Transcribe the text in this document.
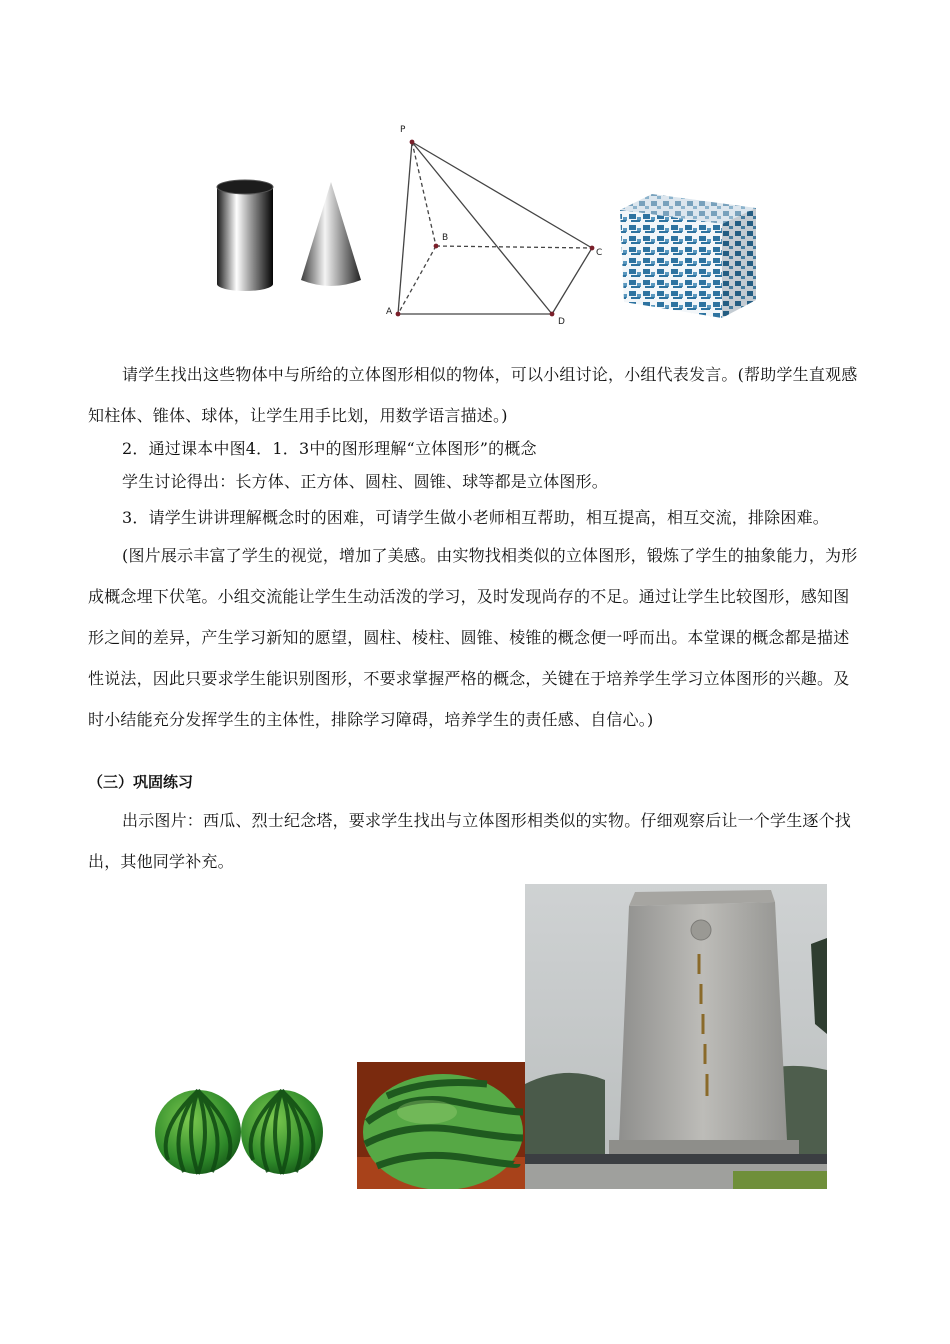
P
A
B
C
D

请学生找出这些物体中与所给的立体图形相似的物体，可以小组讨论，小组代表发言。(帮助学生直观感知柱体、锥体、球体，让学生用手比划，用数学语言描述。)

2．通过课本中图4．1．3中的图形理解“立体图形”的概念

学生讨论得出：长方体、正方体、圆柱、圆锥、球等都是立体图形。

3．请学生讲讲理解概念时的困难，可请学生做小老师相互帮助，相互提高，相互交流，排除困难。

(图片展示丰富了学生的视觉，增加了美感。由实物找相类似的立体图形，锻炼了学生的抽象能力，为形成概念埋下伏笔。小组交流能让学生生动活泼的学习，及时发现尚存的不足。通过让学生比较图形，感知图形之间的差异，产生学习新知的愿望，圆柱、棱柱、圆锥、棱锥的概念便一呼而出。本堂课的概念都是描述性说法，因此只要求学生能识别图形，不要求掌握严格的概念，关键在于培养学生学习立体图形的兴趣。及时小结能充分发挥学生的主体性，排除学习障碍，培养学生的责任感、自信心。)

（三）巩固练习

出示图片：西瓜、烈士纪念塔，要求学生找出与立体图形相类似的实物。仔细观察后让一个学生逐个找出，其他同学补充。
